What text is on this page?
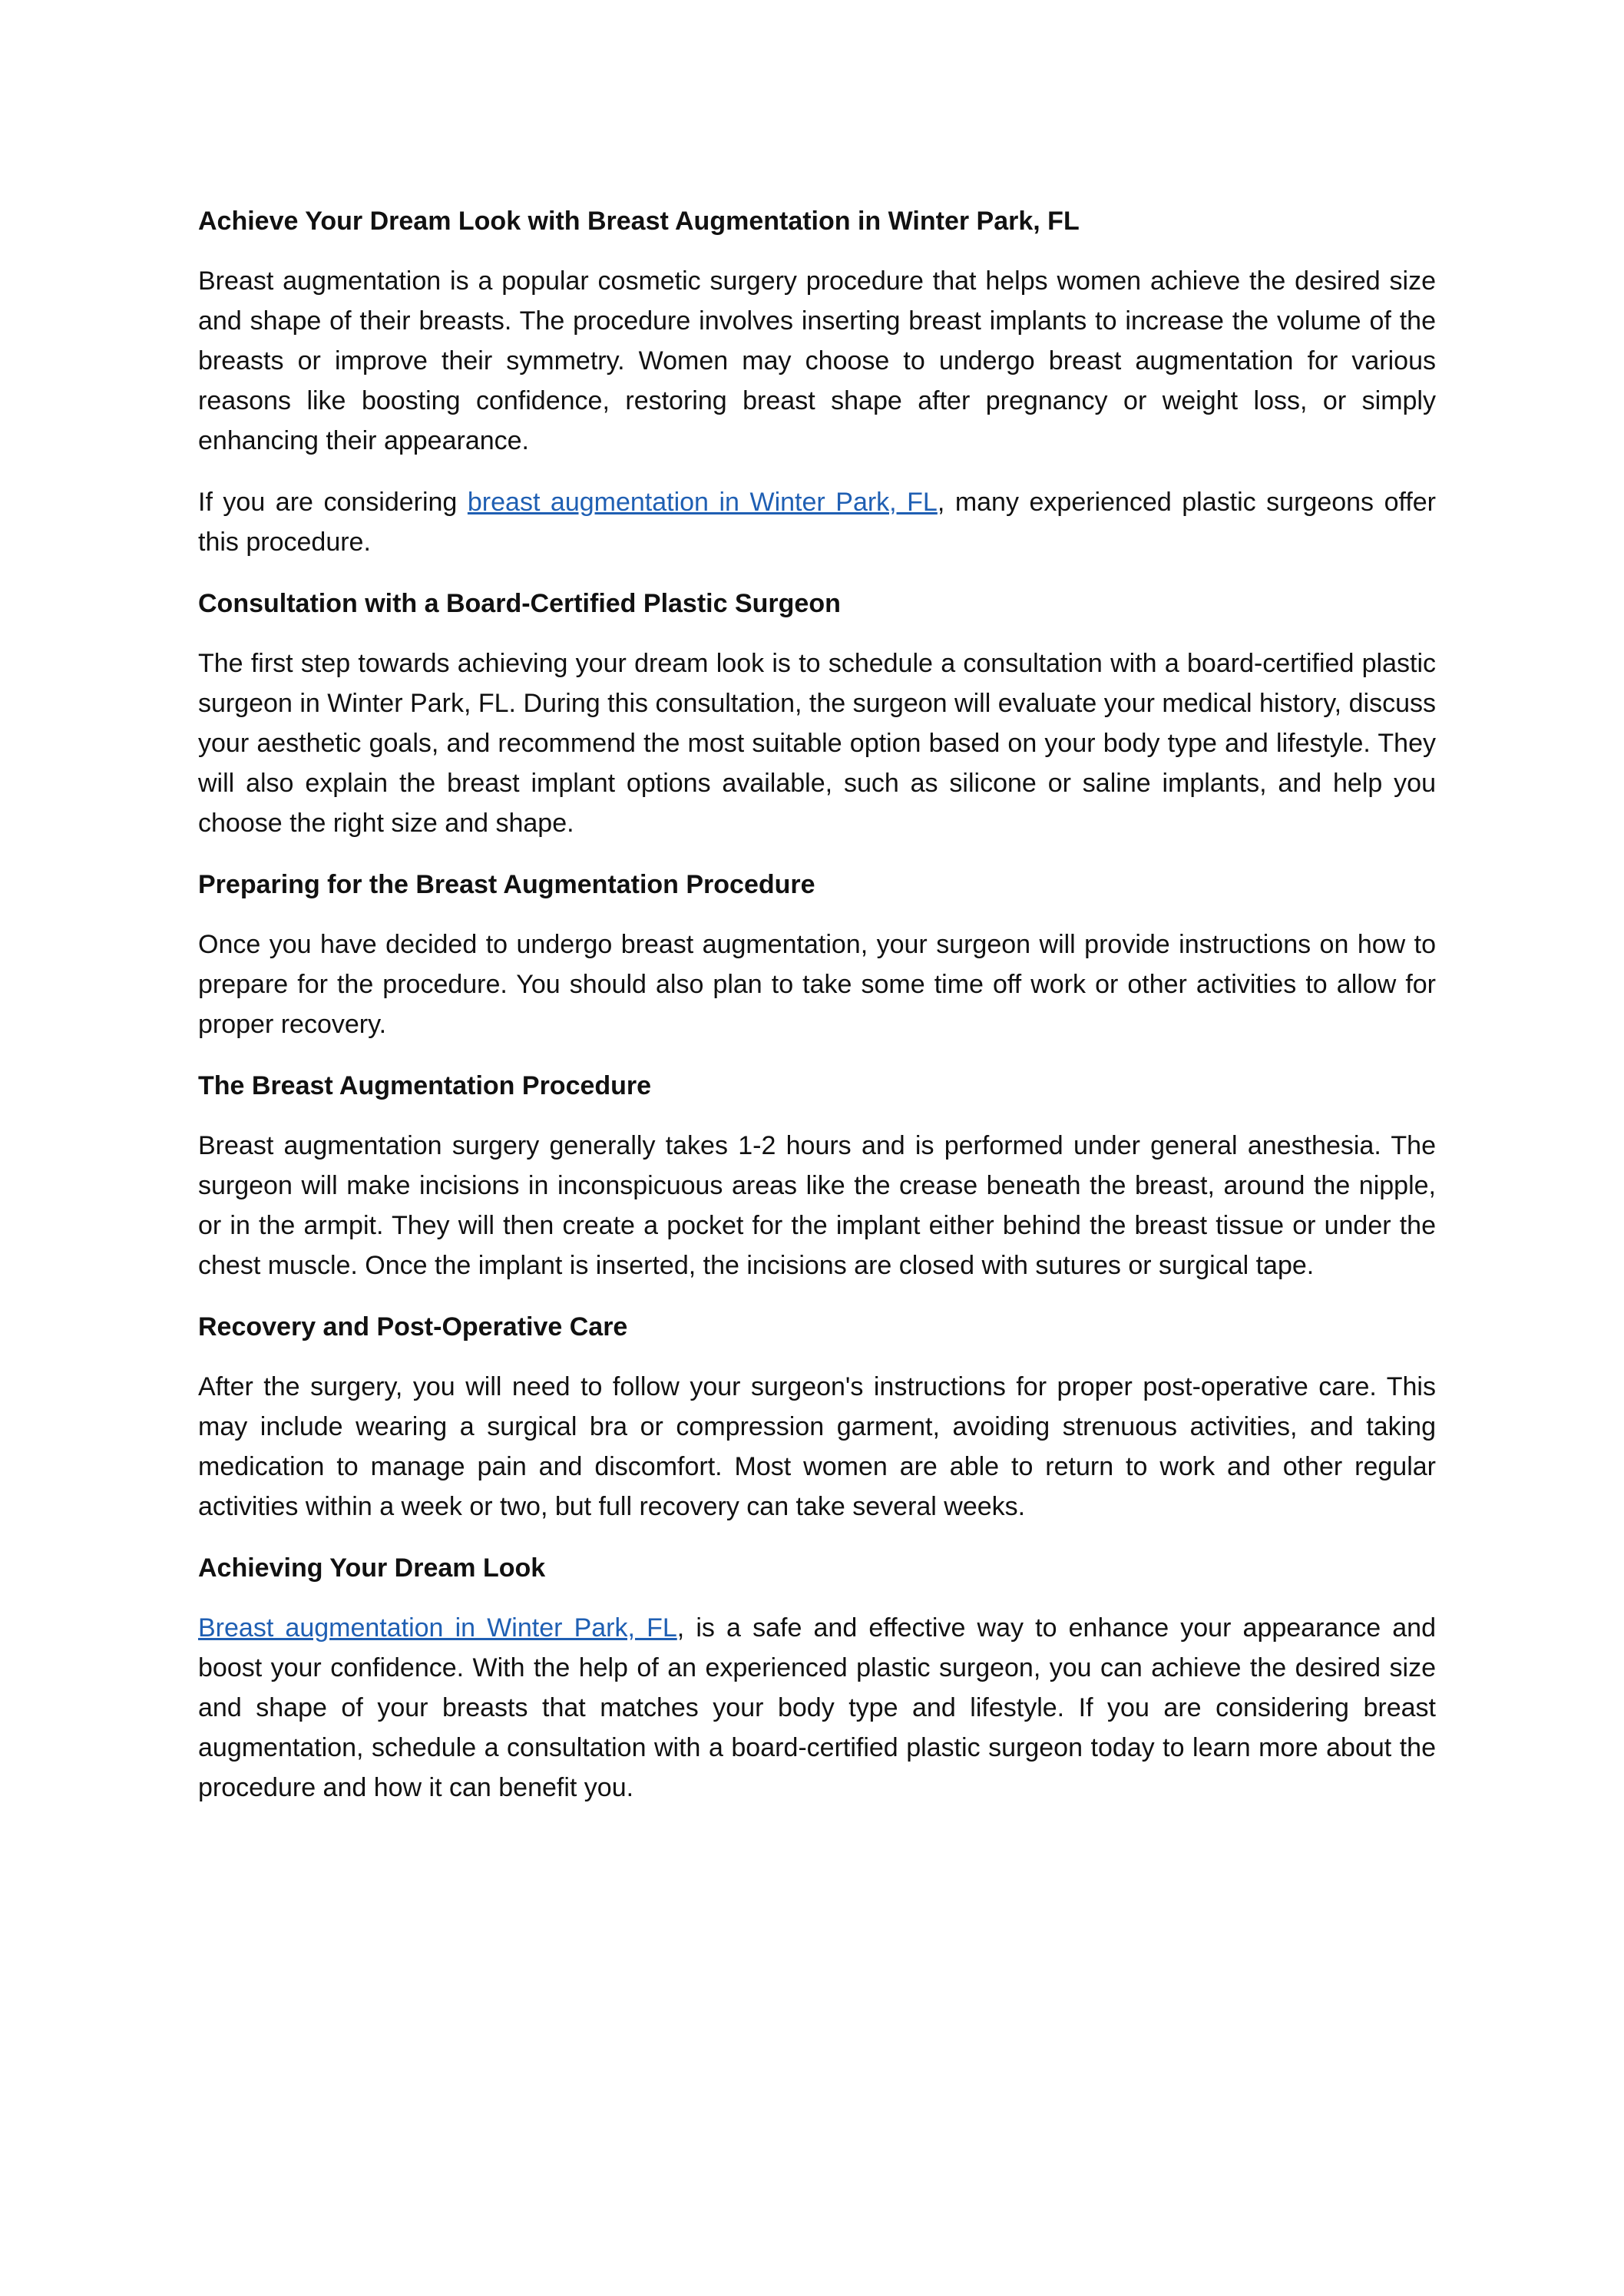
Achieve Your Dream Look with Breast Augmentation in Winter Park, FL

Breast augmentation is a popular cosmetic surgery procedure that helps women achieve the desired size and shape of their breasts. The procedure involves inserting breast implants to increase the volume of the breasts or improve their symmetry. Women may choose to undergo breast augmentation for various reasons like boosting confidence, restoring breast shape after pregnancy or weight loss, or simply enhancing their appearance.

If you are considering breast augmentation in Winter Park, FL, many experienced plastic surgeons offer this procedure.

Consultation with a Board-Certified Plastic Surgeon

The first step towards achieving your dream look is to schedule a consultation with a board-certified plastic surgeon in Winter Park, FL. During this consultation, the surgeon will evaluate your medical history, discuss your aesthetic goals, and recommend the most suitable option based on your body type and lifestyle. They will also explain the breast implant options available, such as silicone or saline implants, and help you choose the right size and shape.

Preparing for the Breast Augmentation Procedure

Once you have decided to undergo breast augmentation, your surgeon will provide instructions on how to prepare for the procedure. You should also plan to take some time off work or other activities to allow for proper recovery.

The Breast Augmentation Procedure

Breast augmentation surgery generally takes 1-2 hours and is performed under general anesthesia. The surgeon will make incisions in inconspicuous areas like the crease beneath the breast, around the nipple, or in the armpit. They will then create a pocket for the implant either behind the breast tissue or under the chest muscle. Once the implant is inserted, the incisions are closed with sutures or surgical tape.

Recovery and Post-Operative Care

After the surgery, you will need to follow your surgeon's instructions for proper post-operative care. This may include wearing a surgical bra or compression garment, avoiding strenuous activities, and taking medication to manage pain and discomfort. Most women are able to return to work and other regular activities within a week or two, but full recovery can take several weeks.

Achieving Your Dream Look

Breast augmentation in Winter Park, FL, is a safe and effective way to enhance your appearance and boost your confidence. With the help of an experienced plastic surgeon, you can achieve the desired size and shape of your breasts that matches your body type and lifestyle. If you are considering breast augmentation, schedule a consultation with a board-certified plastic surgeon today to learn more about the procedure and how it can benefit you.
